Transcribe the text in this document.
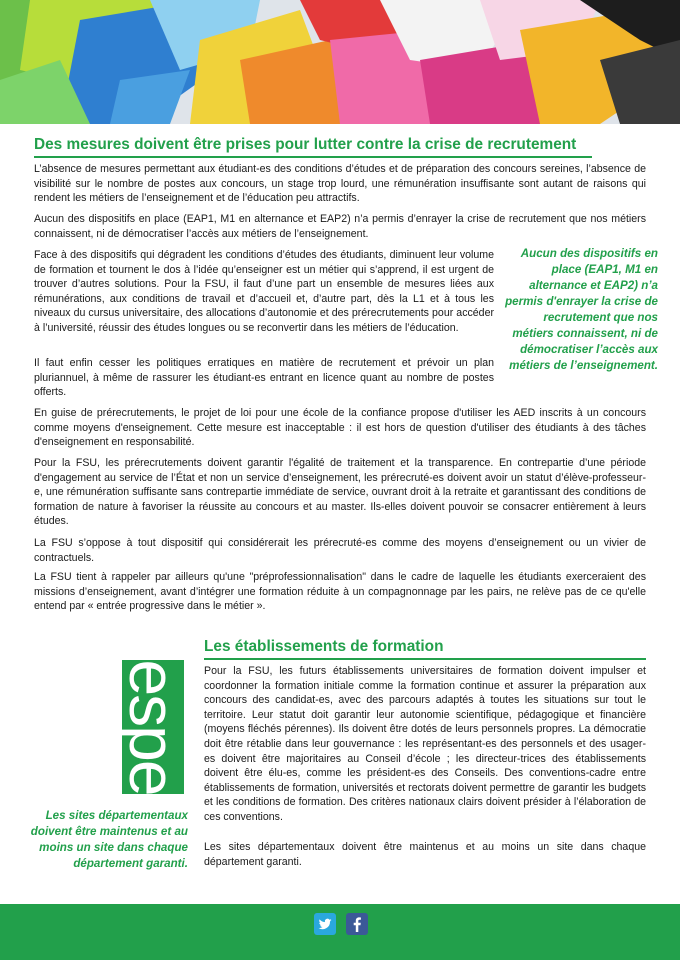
Des mesures doivent être prises pour lutter contre la crise de recrutement

L’absence de mesures permettant aux étudiant-es des conditions d’études et de préparation des concours sereines, l’absence de visibilité sur le nombre de postes aux concours, un stage trop lourd, une rémunération insuffisante sont autant de raisons qui rendent les métiers de l’enseignement et de l’éducation peu attractifs.

Aucun des dispositifs en place (EAP1, M1 en alternance et EAP2) n’a permis d’enrayer la crise de recrutement que nos métiers connaissent, ni de démocratiser l’accès aux métiers de l’enseignement.

Face à des dispositifs qui dégradent les conditions d’études des étudiants, diminuent leur volume de formation et tournent le dos à l’idée qu’enseigner est un métier qui s’apprend, il est urgent de trouver d’autres solutions. Pour la FSU, il faut d’une part un ensemble de mesures liées aux rémunérations, aux conditions de travail et d’accueil et, d’autre part, dès la L1 et à tous les niveaux du cursus universitaire, des allocations d’autonomie et des prérecrutements pour accéder à l’université, réussir des études longues ou se reconvertir dans les métiers de l’éducation.

Il faut enfin cesser les politiques erratiques en matière de recrutement et prévoir un plan pluriannuel, à même de rassurer les étudiant-es entrant en licence quant au nombre de postes offerts.

Aucun des dispositifs en place (EAP1, M1 en alternance et EAP2) n’a permis d'enrayer la crise de recrutement que nos métiers connaissent, ni de démocratiser l’accès aux métiers de l’enseignement.

En guise de prérecrutements, le projet de loi pour une école de la confiance propose d'utiliser les AED inscrits à un concours comme moyens d'enseignement. Cette mesure est inacceptable : il est hors de question d'utiliser des étudiants à des tâches d'enseignement en responsabilité.

Pour la FSU, les prérecrutements doivent garantir l'égalité de traitement et la transparence. En contrepartie d’une période d'engagement au service de l’État et non un service d’enseignement, les prérecruté-es doivent avoir un statut d’élève-professeur-e, une rémunération suffisante sans contrepartie immédiate de service, ouvrant droit à la retraite et garantissant des conditions de formation de nature à favoriser la réussite au concours et au master. Ils-elles doivent pouvoir se consacrer entièrement à leurs études.

La FSU s’oppose à tout dispositif qui considérerait les prérecruté-es comme des moyens d’enseignement ou un vivier de contractuels.

La FSU tient à rappeler par ailleurs qu'une "préprofessionnalisation" dans le cadre de laquelle les étudiants exerceraient des missions d’enseignement, avant d’intégrer une formation réduite à un compagnonnage par les pairs, ne relève pas de ce qu'elle entend par « entrée progressive dans le métier ».

Les établissements de formation
espe Pour la FSU, les futurs établissements universitaires de formation doivent impulser et coordonner la formation initiale comme la formation continue et assurer la préparation aux concours des candidat-es, avec des parcours adaptés à toutes les situations sur tout le territoire. Leur statut doit garantir leur autonomie scientifique, pédagogique et financière (moyens fléchés pérennes). Ils doivent être dotés de leurs personnels propres. La démocratie doit être rétablie dans leur gouvernance : les représentant-es des personnels et des usager-es doivent être majoritaires au Conseil d’école ; les directeur-trices des établissements doivent être élu-es, comme les président-es des Conseils. Des conventions-cadre entre établissements de formation, universités et rectorats doivent permettre de garantir les budgets et les conditions de formation. Des critères nationaux clairs doivent présider à l’élaboration de ces conventions.

Les sites départementaux doivent être maintenus et au moins un site dans chaque département garanti.

Les sites départementaux doivent être maintenus et au moins un site dans chaque département garanti.
